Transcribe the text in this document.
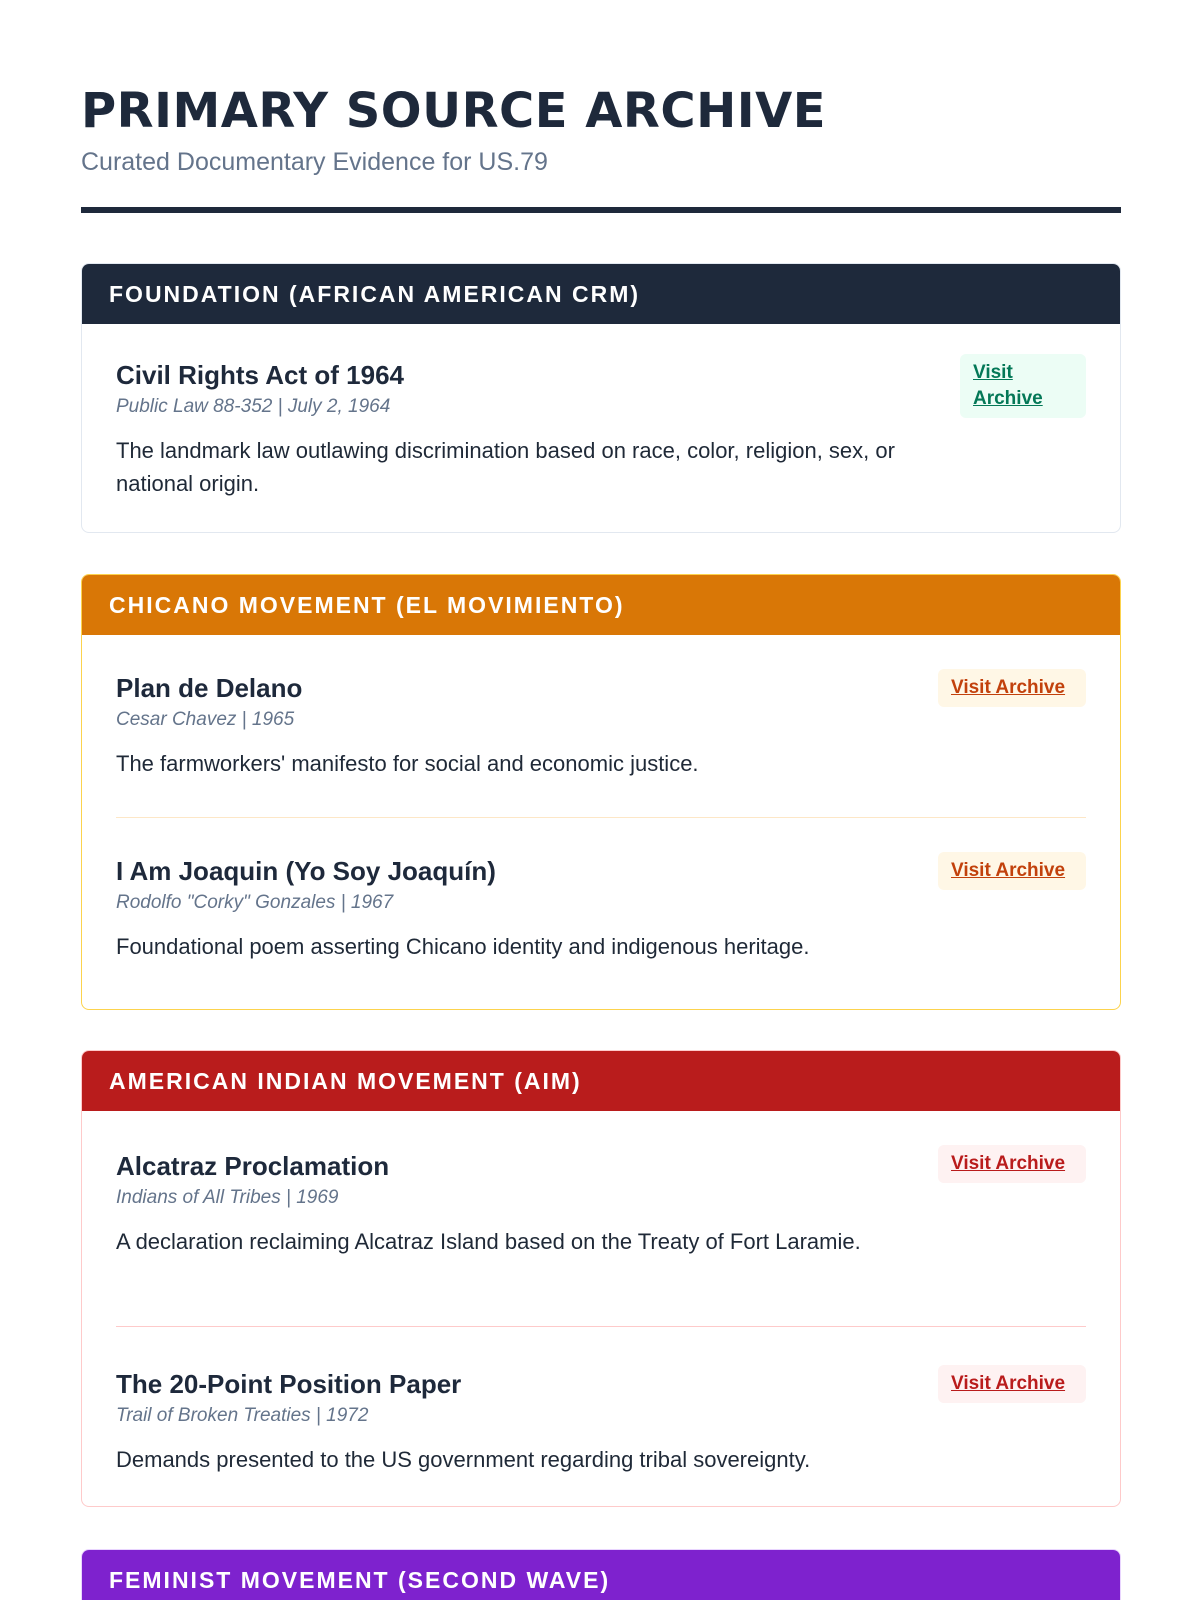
PRIMARY SOURCE ARCHIVE

Curated Documentary Evidence for US.79

FOUNDATION (AFRICAN AMERICAN CRM)
Civil Rights Act of 1964

Public Law 88-352 | July 2, 1964

The landmark law outlawing discrimination based on race, color, religion, sex, or national origin.

Visit Archive
CHICANO MOVEMENT (EL MOVIMIENTO)
Plan de Delano

Cesar Chavez | 1965

The farmworkers' manifesto for social and economic justice.

Visit Archive
I Am Joaquin (Yo Soy Joaquín)

Rodolfo "Corky" Gonzales | 1967

Foundational poem asserting Chicano identity and indigenous heritage.

Visit Archive
AMERICAN INDIAN MOVEMENT (AIM)
Alcatraz Proclamation

Indians of All Tribes | 1969

A declaration reclaiming Alcatraz Island based on the Treaty of Fort Laramie.

Visit Archive
The 20-Point Position Paper

Trail of Broken Treaties | 1972

Demands presented to the US government regarding tribal sovereignty.

Visit Archive
FEMINIST MOVEMENT (SECOND WAVE)
